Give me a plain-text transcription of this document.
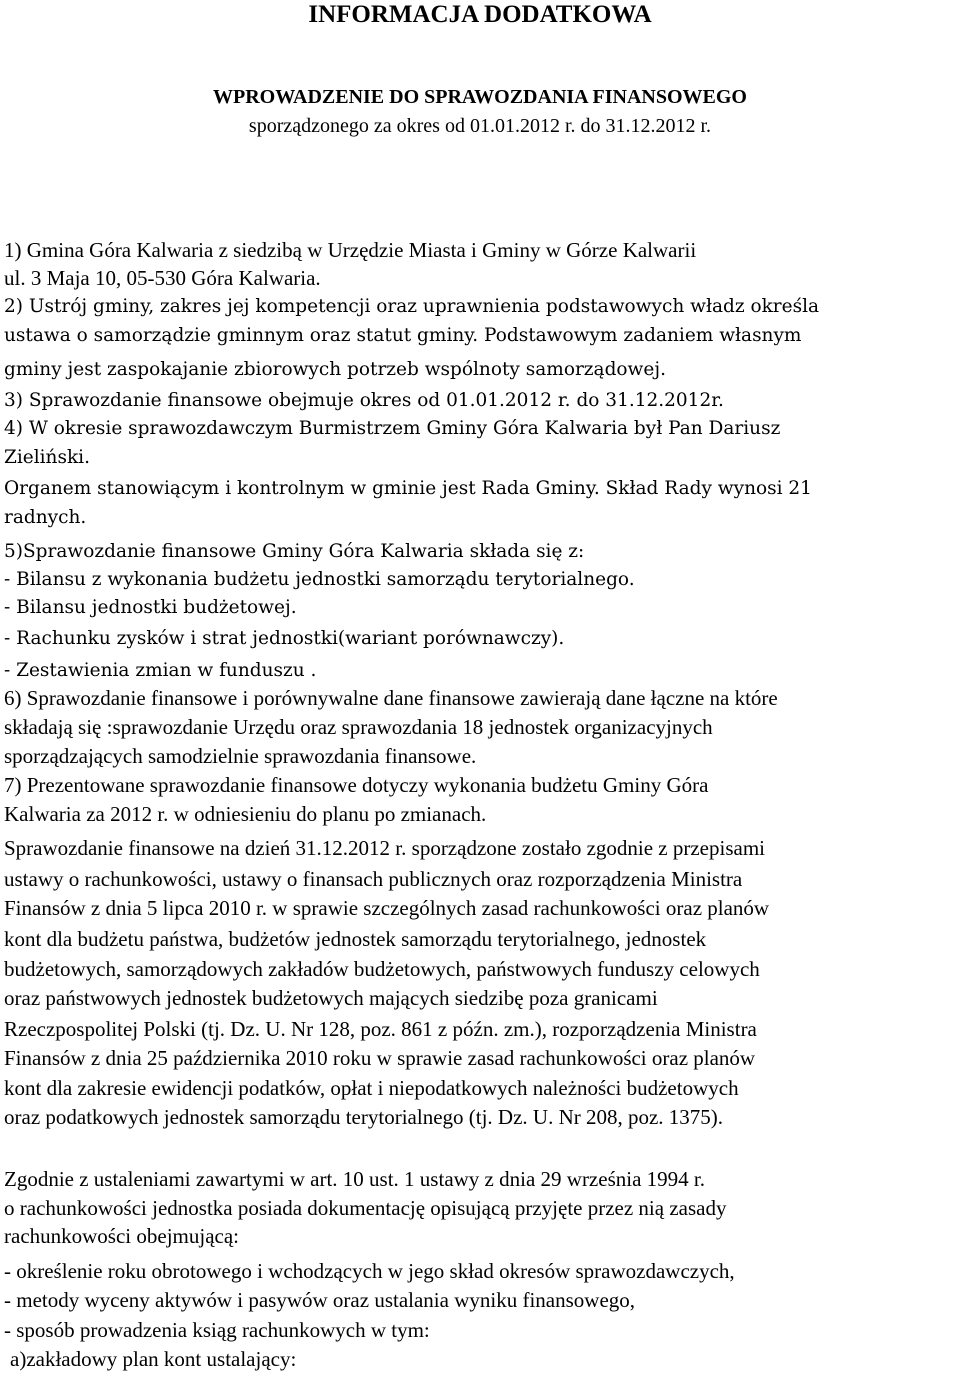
INFORMACJA DODATKOWA
WPROWADZENIE DO SPRAWOZDANIA FINANSOWEGO
sporządzonego za okres od 01.01.2012 r. do 31.12.2012 r.
1) Gmina Góra Kalwaria z siedzibą w Urzędzie Miasta i Gminy w Górze Kalwarii
ul. 3 Maja 10, 05-530 Góra Kalwaria.
2) Ustrój gminy, zakres jej kompetencji oraz uprawnienia podstawowych władz określa
ustawa o samorządzie gminnym oraz statut gminy. Podstawowym zadaniem własnym
gminy jest zaspokajanie zbiorowych potrzeb wspólnoty samorządowej.
3) Sprawozdanie finansowe obejmuje okres od 01.01.2012 r. do 31.12.2012r.
4) W okresie sprawozdawczym Burmistrzem Gminy Góra Kalwaria był Pan Dariusz
Zieliński.
Organem stanowiącym i kontrolnym w gminie jest Rada Gminy. Skład Rady wynosi 21
radnych.
5)Sprawozdanie finansowe Gminy Góra Kalwaria składa się z:
- Bilansu z wykonania budżetu jednostki samorządu terytorialnego.
- Bilansu jednostki budżetowej.
- Rachunku zysków i strat jednostki(wariant porównawczy).
- Zestawienia zmian w funduszu .
6) Sprawozdanie finansowe i porównywalne dane finansowe zawierają dane łączne na które
składają się :sprawozdanie Urzędu oraz sprawozdania 18 jednostek organizacyjnych
sporządzających samodzielnie sprawozdania finansowe.
7) Prezentowane sprawozdanie finansowe dotyczy wykonania budżetu Gminy Góra
Kalwaria za 2012 r. w odniesieniu do planu po zmianach.
Sprawozdanie finansowe na dzień 31.12.2012 r. sporządzone zostało zgodnie z przepisami
ustawy o rachunkowości, ustawy o finansach publicznych oraz rozporządzenia Ministra
Finansów z dnia 5 lipca 2010 r. w sprawie szczególnych zasad rachunkowości oraz planów
kont dla budżetu państwa, budżetów jednostek samorządu terytorialnego, jednostek
budżetowych, samorządowych zakładów budżetowych, państwowych funduszy celowych
oraz państwowych jednostek budżetowych mających siedzibę poza granicami
Rzeczpospolitej Polski (tj. Dz. U. Nr 128, poz. 861 z późn. zm.), rozporządzenia Ministra
Finansów z dnia 25 października 2010 roku w sprawie zasad rachunkowości oraz planów
kont dla zakresie ewidencji podatków, opłat i niepodatkowych należności budżetowych
oraz podatkowych jednostek samorządu terytorialnego (tj. Dz. U. Nr 208, poz. 1375).
Zgodnie z ustaleniami zawartymi w art. 10 ust. 1 ustawy z dnia 29 września 1994 r.
o rachunkowości jednostka posiada dokumentację opisującą przyjęte przez nią zasady
rachunkowości obejmującą:
- określenie roku obrotowego i wchodzących w jego skład okresów sprawozdawczych,
- metody wyceny aktywów i pasywów oraz ustalania wyniku finansowego,
- sposób prowadzenia ksiąg rachunkowych w tym:
a)zakładowy plan kont ustalający:
